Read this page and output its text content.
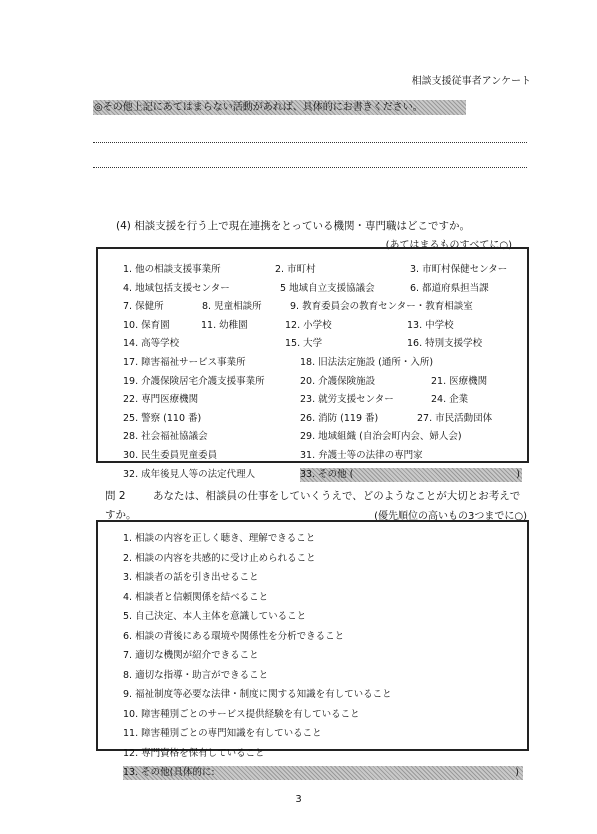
相談支援従事者アンケート
◎その他上記にあてはまらない活動があれば、具体的にお書きください。
(4) 相談支援を行う上で現在連携をとっている機関・専門職はどこですか。
(あてはまるものすべてに○)
1. 他の相談支援事業所	2. 市町村	3. 市町村保健センター
4. 地域包括支援センター	5 地域自立支援協議会	6. 都道府県担当課
7. 保健所	8. 児童相談所	9. 教育委員会の教育センター・教育相談室
10. 保育園	11. 幼稚園	12. 小学校	13. 中学校
14. 高等学校	15. 大学	16. 特別支援学校
17. 障害福祉サービス事業所	18. 旧法法定施設 (通所・入所)
19. 介護保険居宅介護支援事業所	20. 介護保険施設	21. 医療機関
22. 専門医療機関	23. 就労支援センター	24. 企業
25. 警察 (110 番)	26. 消防 (119 番)	27. 市民活動団体
28. 社会福祉協議会	29. 地域組織 (自治会町内会、婦人会)
30. 民生委員児童委員	31. 弁護士等の法律の専門家
32. 成年後見人等の法定代理人	33. その他 (	)
問 2	あなたは、相談員の仕事をしていくうえで、どのようなことが大切とお考えで
すか。	(優先順位の高いもの3つまでに○)
1. 相談の内容を正しく聴き、理解できること
2. 相談の内容を共感的に受け止められること
3. 相談者の話を引き出せること
4. 相談者と信頼関係を結べること
5. 自己決定、本人主体を意識していること
6. 相談の背後にある環境や関係性を分析できること
7. 適切な機関が紹介できること
8. 適切な指導・助言ができること
9. 福祉制度等必要な法律・制度に関する知識を有していること
10. 障害種別ごとのサービス提供経験を有していること
11. 障害種別ごとの専門知識を有していること
12. 専門資格を保有していること
13. その他(具体的に:	)
3
